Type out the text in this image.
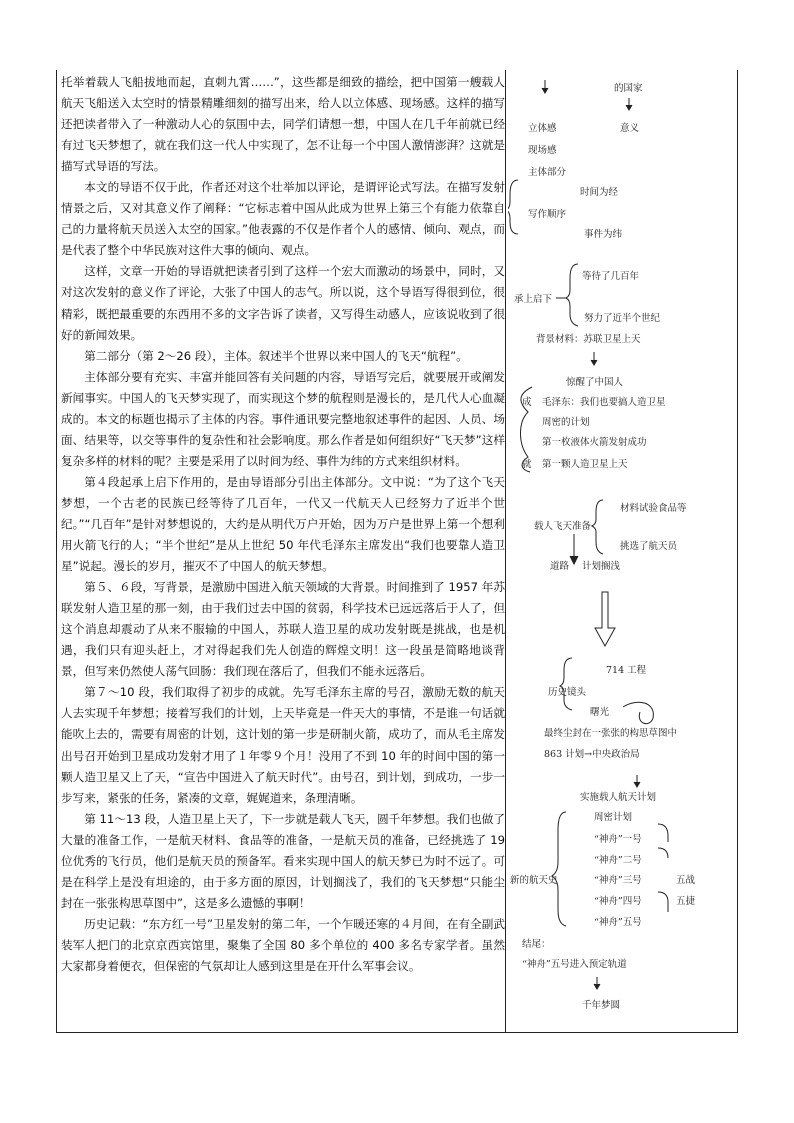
托举着载人飞船拔地而起，直刺九霄……”，这些都是细致的描绘，把中国第一艘载人航天飞船送入太空时的情景精雕细刻的描写出来，给人以立体感、现场感。这样的描写还把读者带入了一种激动人心的氛围中去，同学们请想一想，中国人在几千年前就已经有过飞天梦想了，就在我们这一代人中实现了，怎不让每一个中国人激情澎湃？这就是描写式导语的写法。

本文的导语不仅于此，作者还对这个壮举加以评论，是谓评论式写法。在描写发射情景之后，又对其意义作了阐释：“它标志着中国从此成为世界上第三个有能力依靠自己的力量将航天员送入太空的国家。”他表露的不仅是作者个人的感情、倾向、观点，而是代表了整个中华民族对这件大事的倾向、观点。

这样，文章一开始的导语就把读者引到了这样一个宏大而激动的场景中，同时，又对这次发射的意义作了评论，大张了中国人的志气。所以说，这个导语写得很到位，很精彩，既把最重要的东西用不多的文字告诉了读者，又写得生动感人，应该说收到了很好的新闻效果。

第二部分（第 2～26 段），主体。叙述半个世界以来中国人的飞天“航程”。

主体部分要有充实、丰富并能回答有关问题的内容，导语写完后，就要展开或阐发新闻事实。中国人的飞天梦实现了，而实现这个梦的航程则是漫长的，是几代人心血凝成的。本文的标题也揭示了主体的内容。事件通讯要完整地叙述事件的起因、人员、场面、结果等，以交等事件的复杂性和社会影响度。那么作者是如何组织好“飞天梦”这样复杂多样的材料的呢？主要是采用了以时间为经、事件为纬的方式来组织材料。

第４段起承上启下作用的，是由导语部分引出主体部分。文中说：“为了这个飞天梦想，一个古老的民族已经等待了几百年，一代又一代航天人已经努力了近半个世纪。”“几百年”是针对梦想说的，大约是从明代万户开始，因为万户是世界上第一个想利用火箭飞行的人；“半个世纪”是从上世纪 50 年代毛泽东主席发出“我们也要靠人造卫星”说起。漫长的岁月，摧灭不了中国人的航天梦想。

第５、６段，写背景，是激励中国进入航天领域的大背景。时间推到了 1957 年苏联发射人造卫星的那一刻，由于我们过去中国的贫弱，科学技术已远远落后于人了，但这个消息却震动了从来不服输的中国人，苏联人造卫星的成功发射既是挑战，也是机遇，我们只有迎头赶上，才对得起我们先人创造的辉煌文明！这一段虽是简略地谈背景，但写来仍然使人荡气回肠：我们现在落后了，但我们不能永远落后。

第７～10 段，我们取得了初步的成就。先写毛泽东主席的号召，激励无数的航天人去实现千年梦想；接着写我们的计划，上天毕竟是一件天大的事情，不是谁一句话就能吹上去的，需要有周密的计划，这计划的第一步是研制火箭，成功了，而从毛主席发出号召开始到卫星成功发射才用了１年零９个月！没用了不到 10 年的时间中国的第一颗人造卫星又上了天，“宣告中国进入了航天时代”。由号召，到计划，到成功，一步一步写来，紧张的任务，紧凑的文章，娓娓道来，条理清晰。

第 11～13 段，人造卫星上天了，下一步就是载人飞天，圆千年梦想。我们也做了大量的准备工作，一是航天材料、食品等的准备，一是航天员的准备，已经挑选了 19 位优秀的飞行员，他们是航天员的预备军。看来实现中国人的航天梦已为时不远了。可是在科学上是没有坦途的，由于多方面的原因，计划搁浅了，我们的飞天梦想“只能尘封在一张张构思草图中”，这是多么遗憾的事啊！

历史记载：“东方红一号”卫星发射的第二年，一个乍暖还寒的４月间，在有全副武装军人把门的北京京西宾馆里，聚集了全国 80 多个单位的 400 多名专家学者。虽然大家都身着便衣，但保密的气氛却让人感到这里是在开什么军事会议。

的国家
立体感	意义
现场感
主体部分
时间为经
写作顺序
事件为纬
等待了几百年
承上启下
努力了近半个世纪
背景材料：苏联卫星上天
惊醒了中国人
成 毛泽东：我们也要搞人造卫星
周密的计划
第一枚液体火箭发射成功
就 第一颗人造卫星上天
材料试验食品等
载人飞天准备
挑选了航天员
道路 计划搁浅
714 工程
历史镜头
曙光
最终尘封在一张张的构思草图中
863 计划→中央政治局
实施载人航天计划
周密计划
“神舟”一号
“神舟”二号
新的航天史	“神舟”三号	五战
“神舟”四号	五捷
“神舟”五号
结尾：
“神舟”五号进入预定轨道
千年梦圆
